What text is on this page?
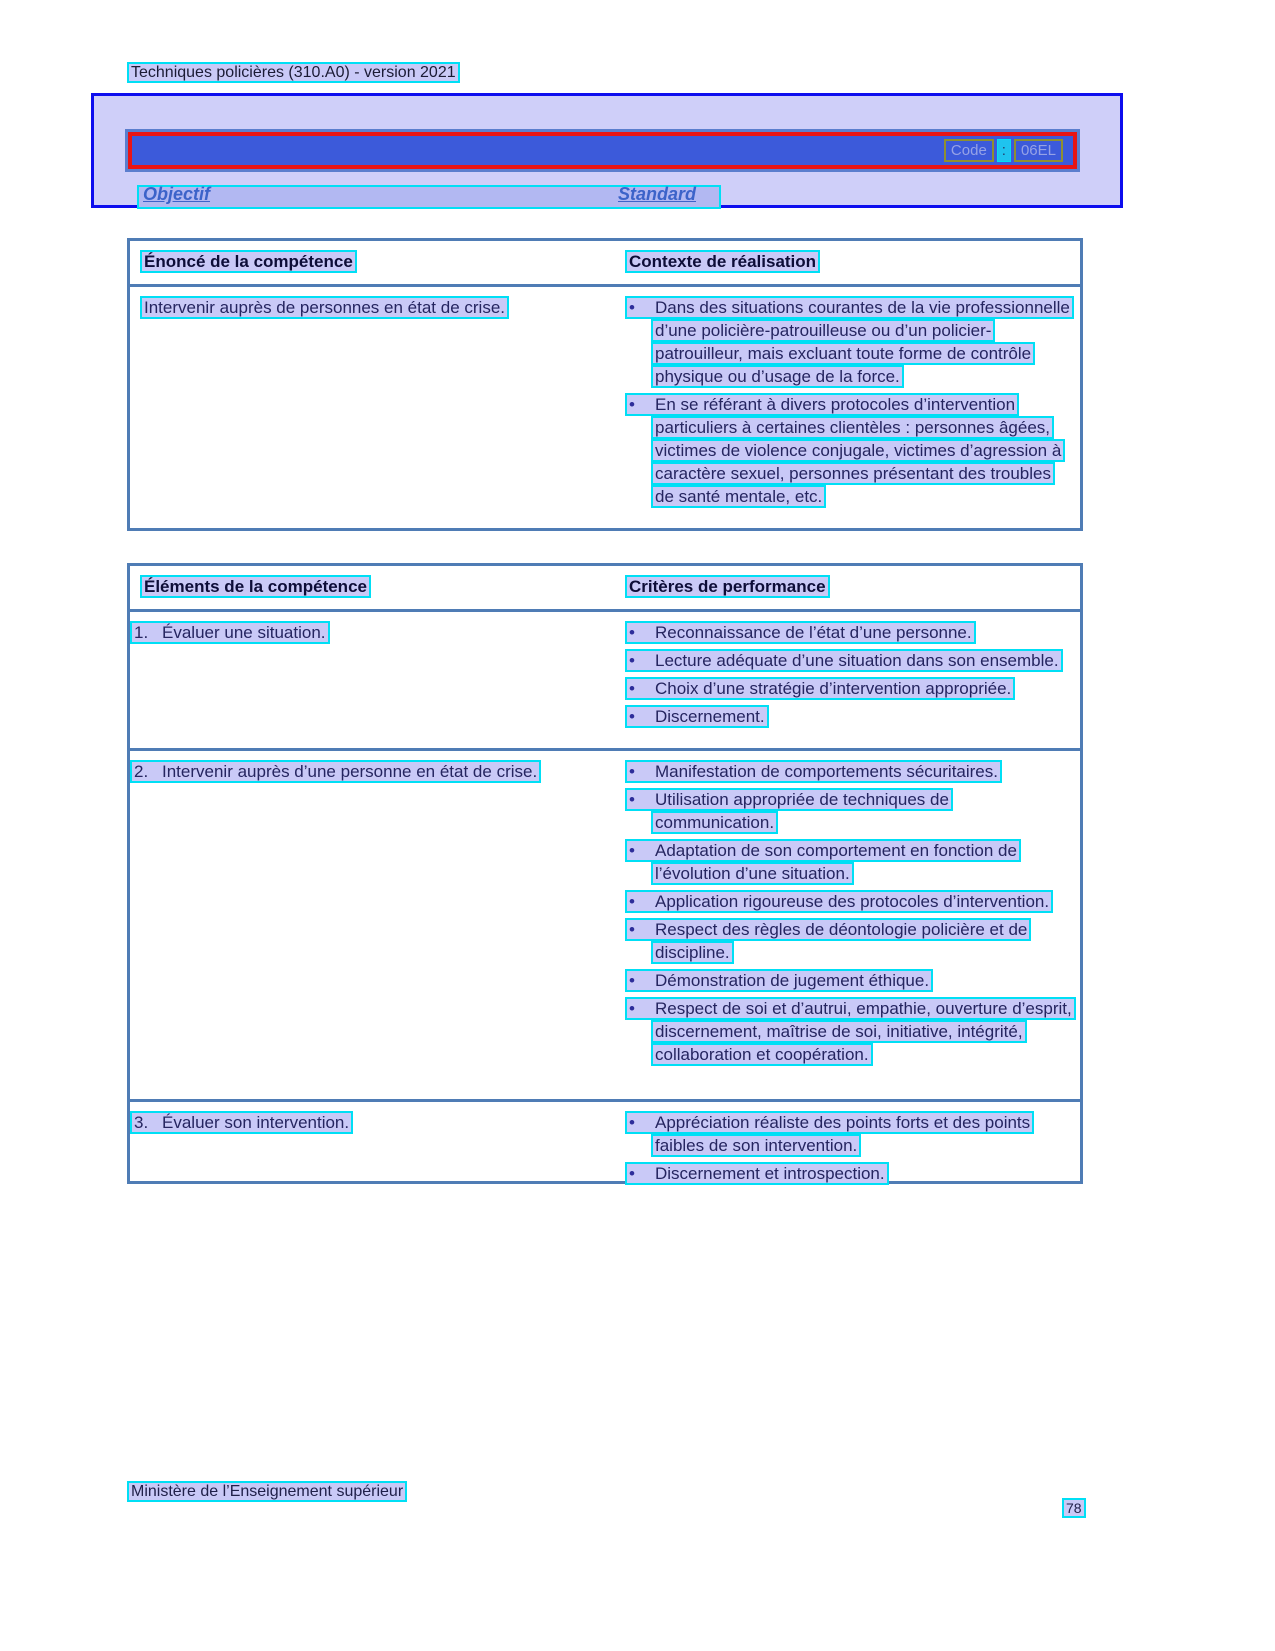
Techniques policières (310.A0) - version 2021
Code	:	06EL
Objectif	Standard
Énoncé de la compétence	Contexte de réalisation
Intervenir auprès de personnes en état de crise.	• Dans des situations courantes de la vie professionnelle d’une policière-patrouilleuse ou d’un policier-patrouilleur, mais excluant toute forme de contrôle physique ou d’usage de la force.
• En se référant à divers protocoles d’intervention particuliers à certaines clientèles : personnes âgées, victimes de violence conjugale, victimes d’agression à caractère sexuel, personnes présentant des troubles de santé mentale, etc.
Éléments de la compétence	Critères de performance
1. Évaluer une situation.	• Reconnaissance de l’état d’une personne.
• Lecture adéquate d’une situation dans son ensemble.
• Choix d’une stratégie d’intervention appropriée.
• Discernement.
2. Intervenir auprès d’une personne en état de crise.	• Manifestation de comportements sécuritaires.
• Utilisation appropriée de techniques de communication.
• Adaptation de son comportement en fonction de l’évolution d’une situation.
• Application rigoureuse des protocoles d’intervention.
• Respect des règles de déontologie policière et de discipline.
• Démonstration de jugement éthique.
• Respect de soi et d’autrui, empathie, ouverture d’esprit, discernement, maîtrise de soi, initiative, intégrité, collaboration et coopération.
3. Évaluer son intervention.	• Appréciation réaliste des points forts et des points faibles de son intervention.
• Discernement et introspection.
Ministère de l’Enseignement supérieur
78
